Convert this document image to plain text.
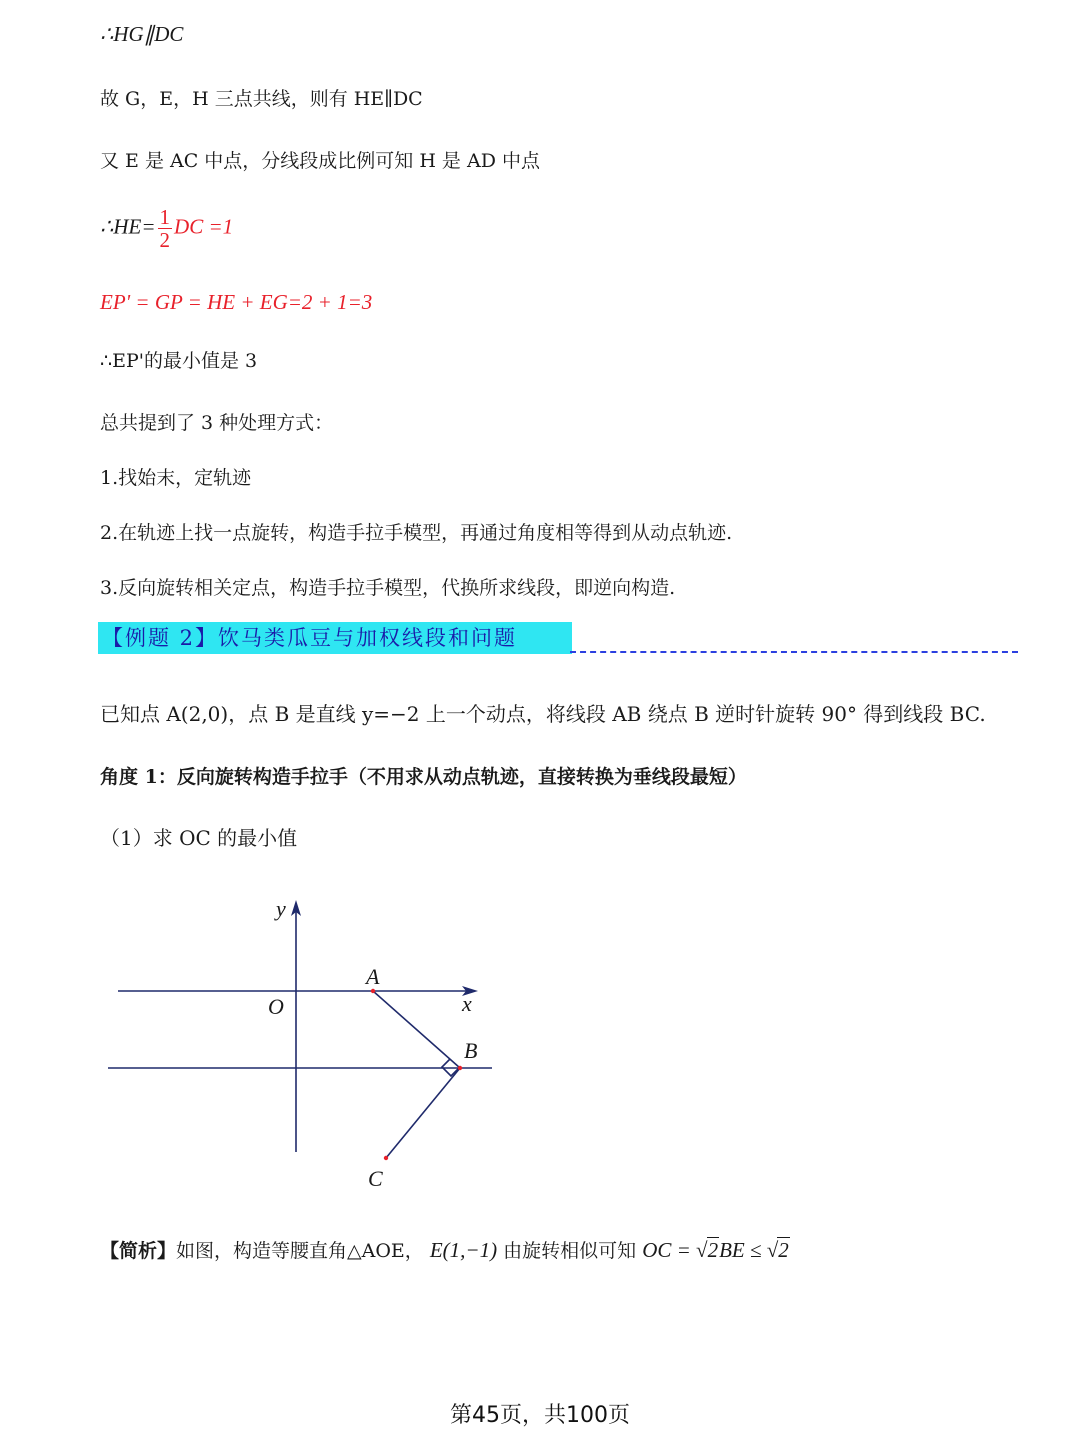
∴HG∥DC
故 G，E，H 三点共线，则有 HE∥DC
又 E 是 AC 中点，分线段成比例可知 H 是 AD 中点
∴HE= $\frac{1}{2}$ DC =1
EP' = GP = HE + EG=2 + 1=3
∴EP'的最小值是 3
总共提到了 3 种处理方式：
1.找始末，定轨迹
2.在轨迹上找一点旋转，构造手拉手模型，再通过角度相等得到从动点轨迹.
3.反向旋转相关定点，构造手拉手模型，代换所求线段，即逆向构造.
【例题 2】饮马类瓜豆与加权线段和问题
已知点 A(2,0)，点 B 是直线 y=−2 上一个动点，将线段 AB 绕点 B 逆时针旋转 90° 得到线段 BC.
角度 1：反向旋转构造手拉手（不用求从动点轨迹，直接转换为垂线段最短）
（1）求 OC 的最小值
y
x
O
A
B
C
【简析】如图，构造等腰直角△AOE， E(1,−1) 由旋转相似可知 OC = √2BE ≤ √2
第45页，共100页
